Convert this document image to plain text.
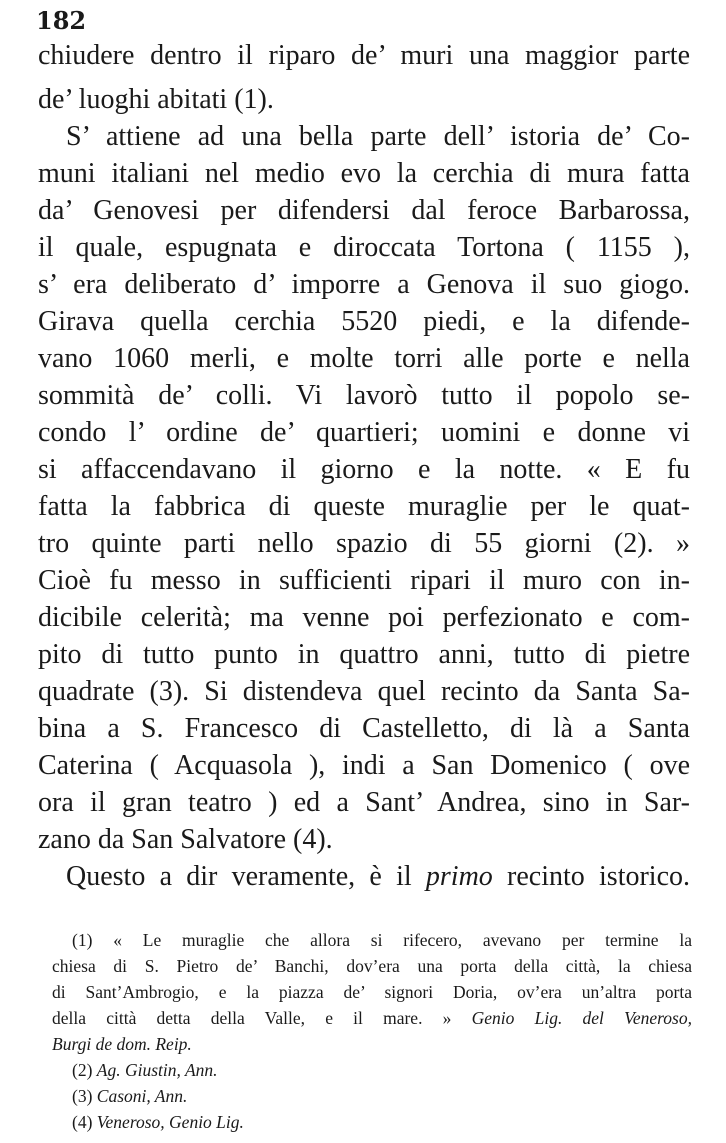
182
chiudere dentro il riparo de’ muri una maggior parte
de’ luoghi abitati (1).
S’ attiene ad una bella parte dell’ istoria de’ Co-
muni italiani nel medio evo la cerchia di mura fatta
da’ Genovesi per difendersi dal feroce Barbarossa,
il quale, espugnata e diroccata Tortona ( 1155 ),
s’ era deliberato d’ imporre a Genova il suo giogo.
Girava quella cerchia 5520 piedi, e la difende-
vano 1060 merli, e molte torri alle porte e nella
sommità de’ colli. Vi lavorò tutto il popolo se-
condo l’ ordine de’ quartieri; uomini e donne vi
si affaccendavano il giorno e la notte. « E fu
fatta la fabbrica di queste muraglie per le quat-
tro quinte parti nello spazio di 55 giorni (2). »
Cioè fu messo in sufficienti ripari il muro con in-
dicibile celerità; ma venne poi perfezionato e com-
pito di tutto punto in quattro anni, tutto di pietre
quadrate (3). Si distendeva quel recinto da Santa Sa-
bina a S. Francesco di Castelletto, di là a Santa
Caterina ( Acquasola ), indi a San Domenico ( ove
ora il gran teatro ) ed a Sant’ Andrea, sino in Sar-
zano da San Salvatore (4).
Questo a dir veramente, è il primo recinto istorico.
(1) « Le muraglie che allora si rifecero, avevano per termine la
chiesa di S. Pietro de’ Banchi, dov’era una porta della città, la chiesa
di Sant’Ambrogio, e la piazza de’ signori Doria, ov’era un’altra porta
della città detta della Valle, e il mare. » Genio Lig. del Veneroso,
Burgi de dom. Reip.
(2) Ag. Giustin, Ann.
(3) Casoni, Ann.
(4) Veneroso, Genio Lig.
